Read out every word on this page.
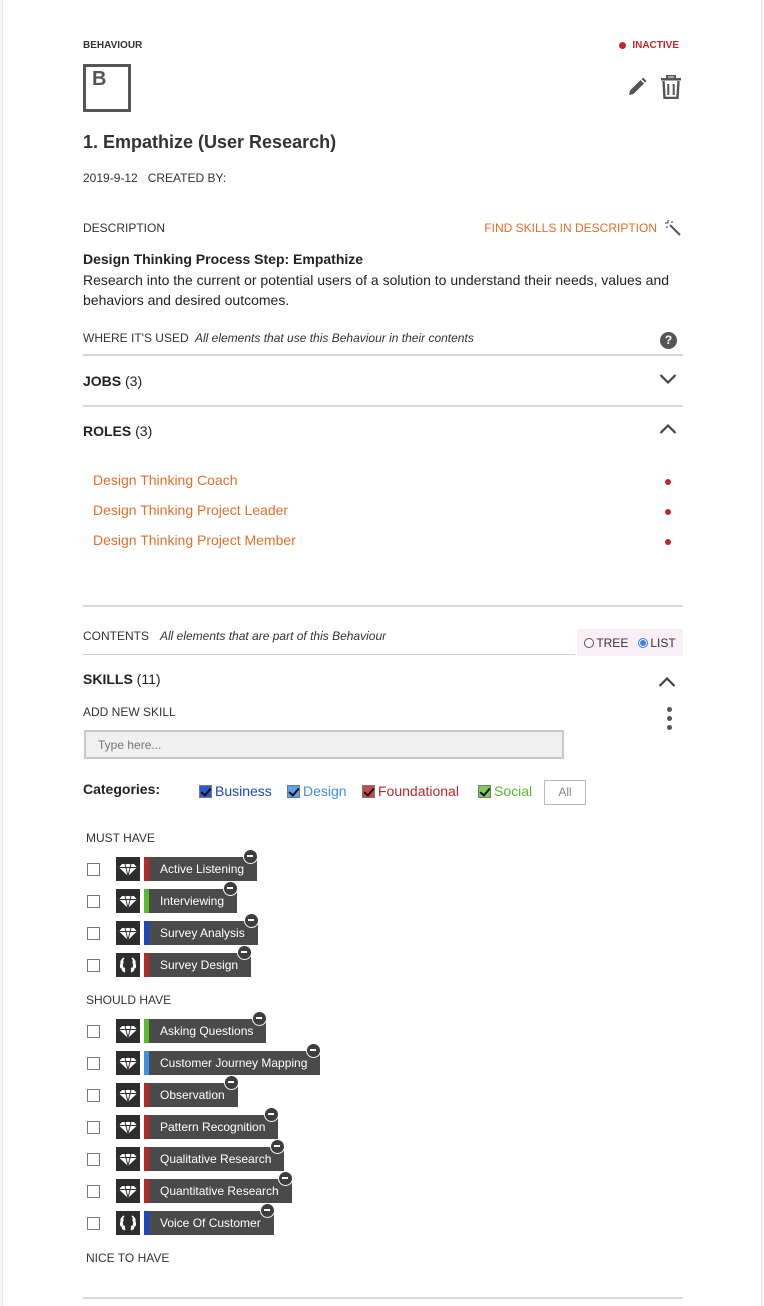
BEHAVIOUR	INACTIVE
B
1. Empathize (User Research)
2019-9-12 CREATED BY:
DESCRIPTION	FIND SKILLS IN DESCRIPTION
Design Thinking Process Step: Empathize
Research into the current or potential users of a solution to understand their needs, values and behaviors and desired outcomes.
WHERE IT'S USED All elements that use this Behaviour in their contents	?
JOBS (3)
ROLES (3)
Design Thinking Coach
Design Thinking Project Leader
Design Thinking Project Member
CONTENTS All elements that are part of this Behaviour	TREE LIST
SKILLS (11)
ADD NEW SKILL
Type here...
Categories:	Business Design Foundational	Social	All
MUST HAVE
Active Listening
Interviewing
Survey Analysis
Survey Design
SHOULD HAVE
Asking Questions
Customer Journey Mapping
Observation
Pattern Recognition
Qualitative Research
Quantitative Research
Voice Of Customer
NICE TO HAVE
